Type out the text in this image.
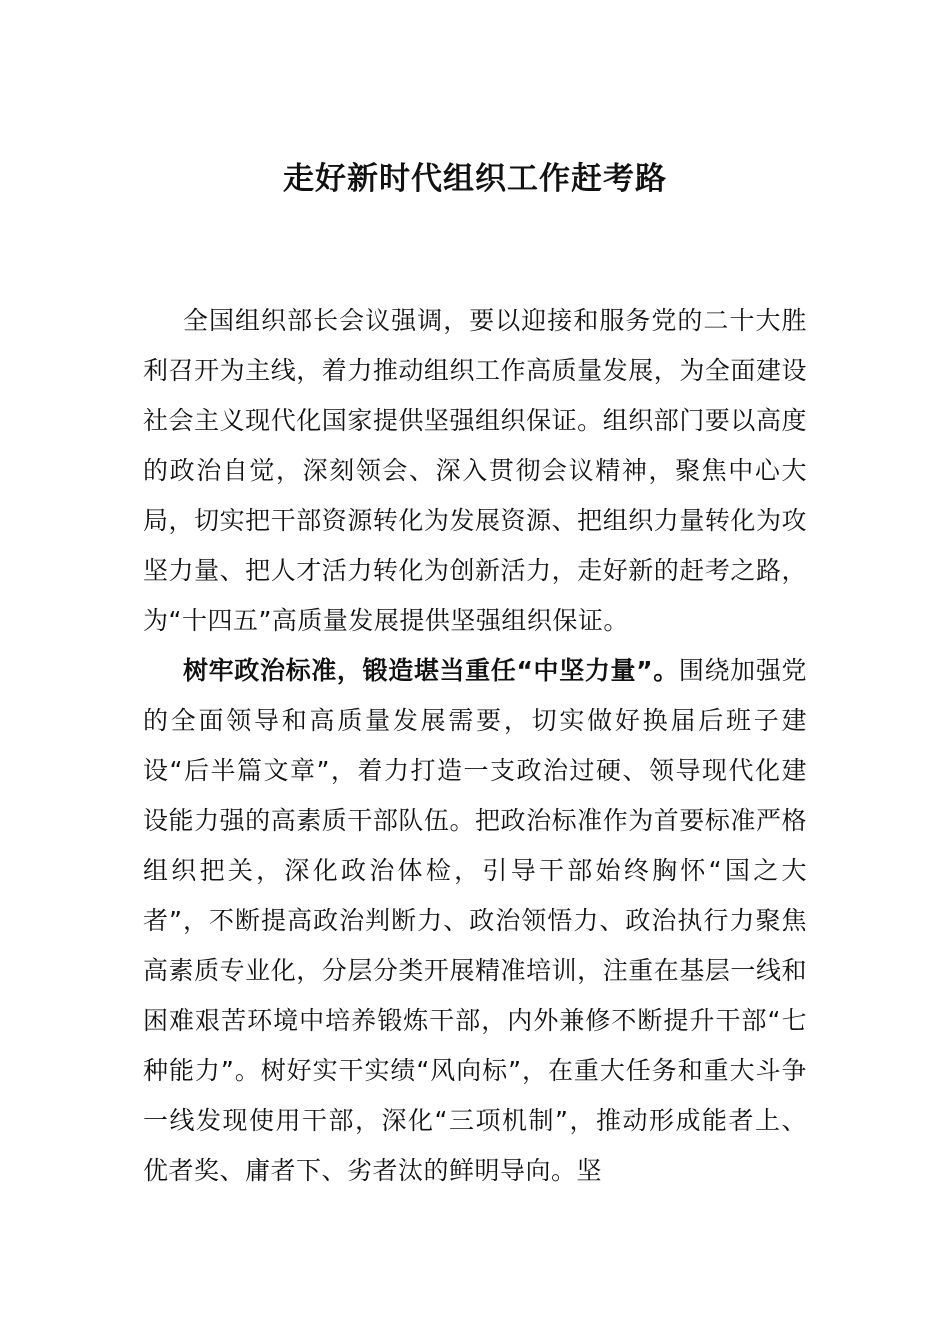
走好新时代组织工作赶考路

全国组织部长会议强调，要以迎接和服务党的二十大胜利召开为主线，着力推动组织工作高质量发展，为全面建设社会主义现代化国家提供坚强组织保证。组织部门要以高度的政治自觉，深刻领会、深入贯彻会议精神，聚焦中心大局，切实把干部资源转化为发展资源、把组织力量转化为攻坚力量、把人才活力转化为创新活力，走好新的赶考之路，为“十四五”高质量发展提供坚强组织保证。

树牢政治标准，锻造堪当重任“中坚力量”。围绕加强党的全面领导和高质量发展需要，切实做好换届后班子建设“后半篇文章”，着力打造一支政治过硬、领导现代化建设能力强的高素质干部队伍。把政治标准作为首要标准严格组织把关，深化政治体检，引导干部始终胸怀“国之大者”，不断提高政治判断力、政治领悟力、政治执行力聚焦高素质专业化，分层分类开展精准培训，注重在基层一线和困难艰苦环境中培养锻炼干部，内外兼修不断提升干部“七种能力”。树好实干实绩“风向标”，在重大任务和重大斗争一线发现使用干部，深化“三项机制”，推动形成能者上、优者奖、庸者下、劣者汰的鲜明导向。坚
